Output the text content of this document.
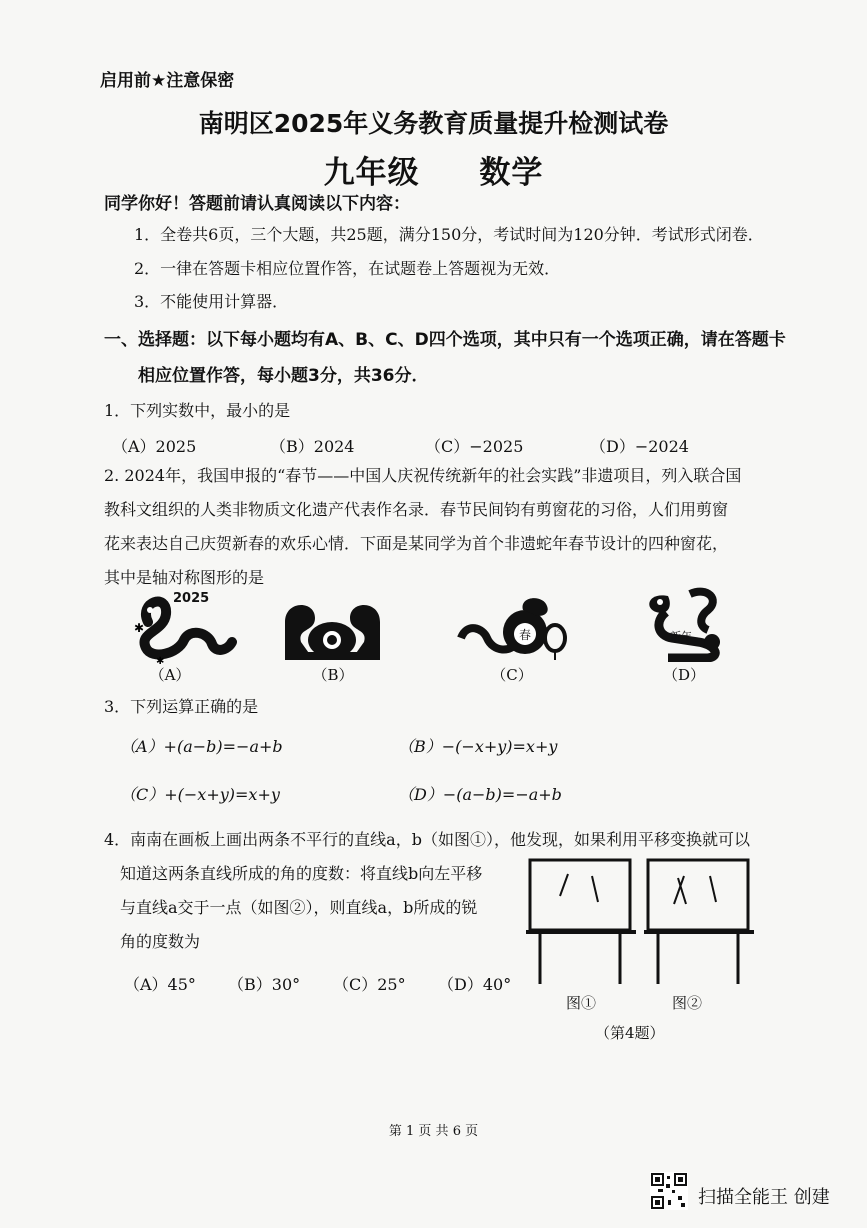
启用前★注意保密
南明区2025年义务教育质量提升检测试卷
九年级 数学
同学你好！答题前请认真阅读以下内容：
1．全卷共6页，三个大题，共25题，满分150分，考试时间为120分钟．考试形式闭卷．
2．一律在答题卡相应位置作答，在试题卷上答题视为无效．
3．不能使用计算器．
一、选择题：以下每小题均有A、B、C、D四个选项，其中只有一个选项正确，请在答题卡
相应位置作答，每小题3分，共36分．
1．下列实数中，最小的是
（A）2025	（B）2024	（C）−2025	（D）−2024
2. 2024年，我国申报的“春节——中国人庆祝传统新年的社会实践”非遗项目，列入联合国
教科文组织的人类非物质文化遗产代表作名录．春节民间钧有剪窗花的习俗，人们用剪窗
花来表达自己庆贺新春的欢乐心情．下面是某同学为首个非遗蛇年春节设计的四种窗花，
其中是轴对称图形的是
✱
✱
2025
春	新年
（A）	（B）	（C）	（D）
3．下列运算正确的是
（A）+(a−b)=−a+b	（B）−(−x+y)=x+y
（C）+(−x+y)=x+y	（D）−(a−b)=−a+b
4．南南在画板上画出两条不平行的直线a，b（如图①），他发现，如果利用平移变换就可以
知道这两条直线所成的角的度数：将直线b向左平移
与直线a交于一点（如图②），则直线a，b所成的锐
角的度数为
（A）45° （B）30° （C）25° （D）40°
图①	图②
（第4题）
第 1 页 共 6 页
扫描全能王 创建
